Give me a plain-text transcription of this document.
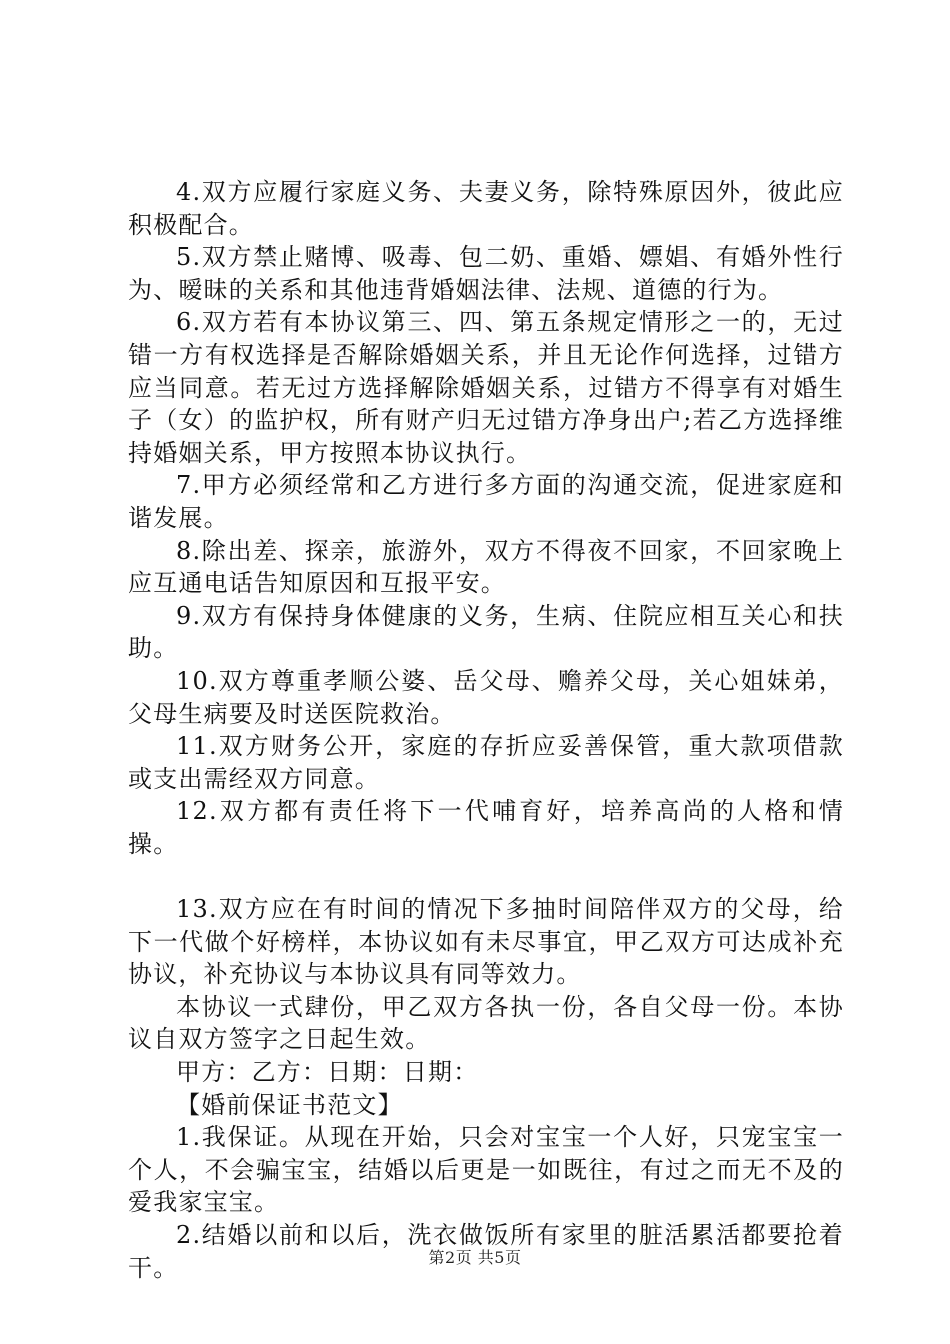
4.双方应履行家庭义务、夫妻义务，除特殊原因外，彼此应积极配合。

5.双方禁止赌博、吸毒、包二奶、重婚、嫖娼、有婚外性行为、暧昧的关系和其他违背婚姻法律、法规、道德的行为。

6.双方若有本协议第三、四、第五条规定情形之一的，无过错一方有权选择是否解除婚姻关系，并且无论作何选择，过错方应当同意。若无过方选择解除婚姻关系，过错方不得享有对婚生子（女）的监护权，所有财产归无过错方净身出户;若乙方选择维持婚姻关系，甲方按照本协议执行。

7.甲方必须经常和乙方进行多方面的沟通交流，促进家庭和谐发展。

8.除出差、探亲，旅游外，双方不得夜不回家，不回家晚上应互通电话告知原因和互报平安。

9.双方有保持身体健康的义务，生病、住院应相互关心和扶助。

10.双方尊重孝顺公婆、岳父母、赡养父母，关心姐妹弟，父母生病要及时送医院救治。

11.双方财务公开，家庭的存折应妥善保管，重大款项借款或支出需经双方同意。

12.双方都有责任将下一代哺育好，培养高尚的人格和情操。

13.双方应在有时间的情况下多抽时间陪伴双方的父母，给下一代做个好榜样，本协议如有未尽事宜，甲乙双方可达成补充协议，补充协议与本协议具有同等效力。

本协议一式肆份，甲乙双方各执一份，各自父母一份。本协议自双方签字之日起生效。

甲方：乙方：日期：日期：

【婚前保证书范文】

1.我保证。从现在开始，只会对宝宝一个人好，只宠宝宝一个人，不会骗宝宝，结婚以后更是一如既往，有过之而无不及的爱我家宝宝。

2.结婚以前和以后，洗衣做饭所有家里的脏活累活都要抢着干。	第2页 共5页
